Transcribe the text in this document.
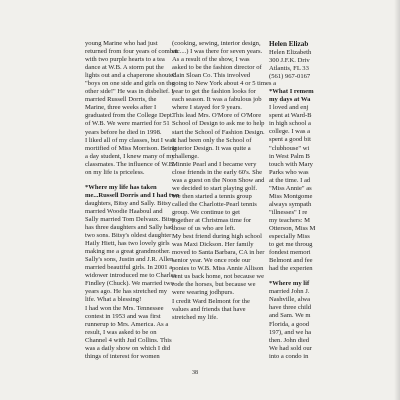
young Marine who had just
returned from four years of combat
with two purple hearts to a tea
dance at W.B. A storm put the
lights out and a chaperone shouted
"boys on one side and girls on the
other side!" He was in disbelief. I
married Russell Dorris, the
Marine, three weeks after I
graduated from the College Dept.
of W.B. We were married for 51
years before he died in 1998.
I liked all of my classes, but I was
mortified of Miss Morrison. Being
a day student, I knew many of my
classmates. The influence of W.B.
on my life is priceless.

*Where my life has taken
me...Russell Dorris and I had two
daughters, Bitsy and Sally. Bitsy
married Woodie Haaboul and
Sally married Tom Delvaux. Bitsy
has three daughters and Sally had
two sons. Bitsy's oldest daughter
Haily Hiett, has two lovely girls
making me a great grandmother.
Sally's sons, Justin and J.R. Allen,
married beautiful girls. In 2001 a
widower introduced me to Charles
Findley (Chuck). We married two
years ago. He has stretched my
life. What a blessing!
I had won the Mrs. Tennessee
contest in 1953 and was first
runnerup to Mrs. America. As a
result, I was asked to be on
Channel 4 with Jud Collins. This
was a daily show on which I did
things of interest for women

(cooking, sewing, interior design,
etc....) I was there for seven years.
As a result of the show, I was
asked to be the fashion director of
Cain Sloan Co. This involved
going to New York about 4 or 5 times a
year to get the fashion looks for
each season. It was a fabulous job
where I stayed for 9 years.
This lead Mrs. O'More of O'More
School of Design to ask me to help
start the School of Fashion Design.
It had been only the School of
Interior Design. It was quite a
challenge.
Minnie Pearl and I became very
close friends in the early 60's. She
was a guest on the Noon Show and
we decided to start playing golf.
We then started a tennis group
called the Charlotte-Pearl tennis
group. We continue to get
together at Christmas time for
those of us who are left.
My best friend during high school
was Maxi Dickson. Her family
moved to Santa Barbara, CA in her
senior year. We once rode our
ponies to W.B. Miss Annie Allison
sent us back home, not because we
rode the horses, but because we
were wearing jodhpurs.
I credit Ward Belmont for the
values and friends that have
stretched my life.

Helen Elizab

Helen Elizabeth
300 J.F.K. Driv
Atlantis, FL 33
(561) 967-0167

*What I remem
my days at Wa
I loved and enj
spent at Ward-B
in high school a
college. I was a
spent a good bit
"clubhouse" wi
in West Palm B
touch with Mary
Parks who was
at the time. I ad
"Miss Annie" as
Miss Montgome
always sympath
"illnesses" I re
my teachers: M
Otterson, Miss M
especially Miss
to get me throug
fondest memori
Belmont and fee
had the experien

*Where my lif
married John J.
Nashville, alwa
have three child
and Sam. We m
Florida, a good
197), and we ha
then. John died
We had sold our
into a condo in

38
